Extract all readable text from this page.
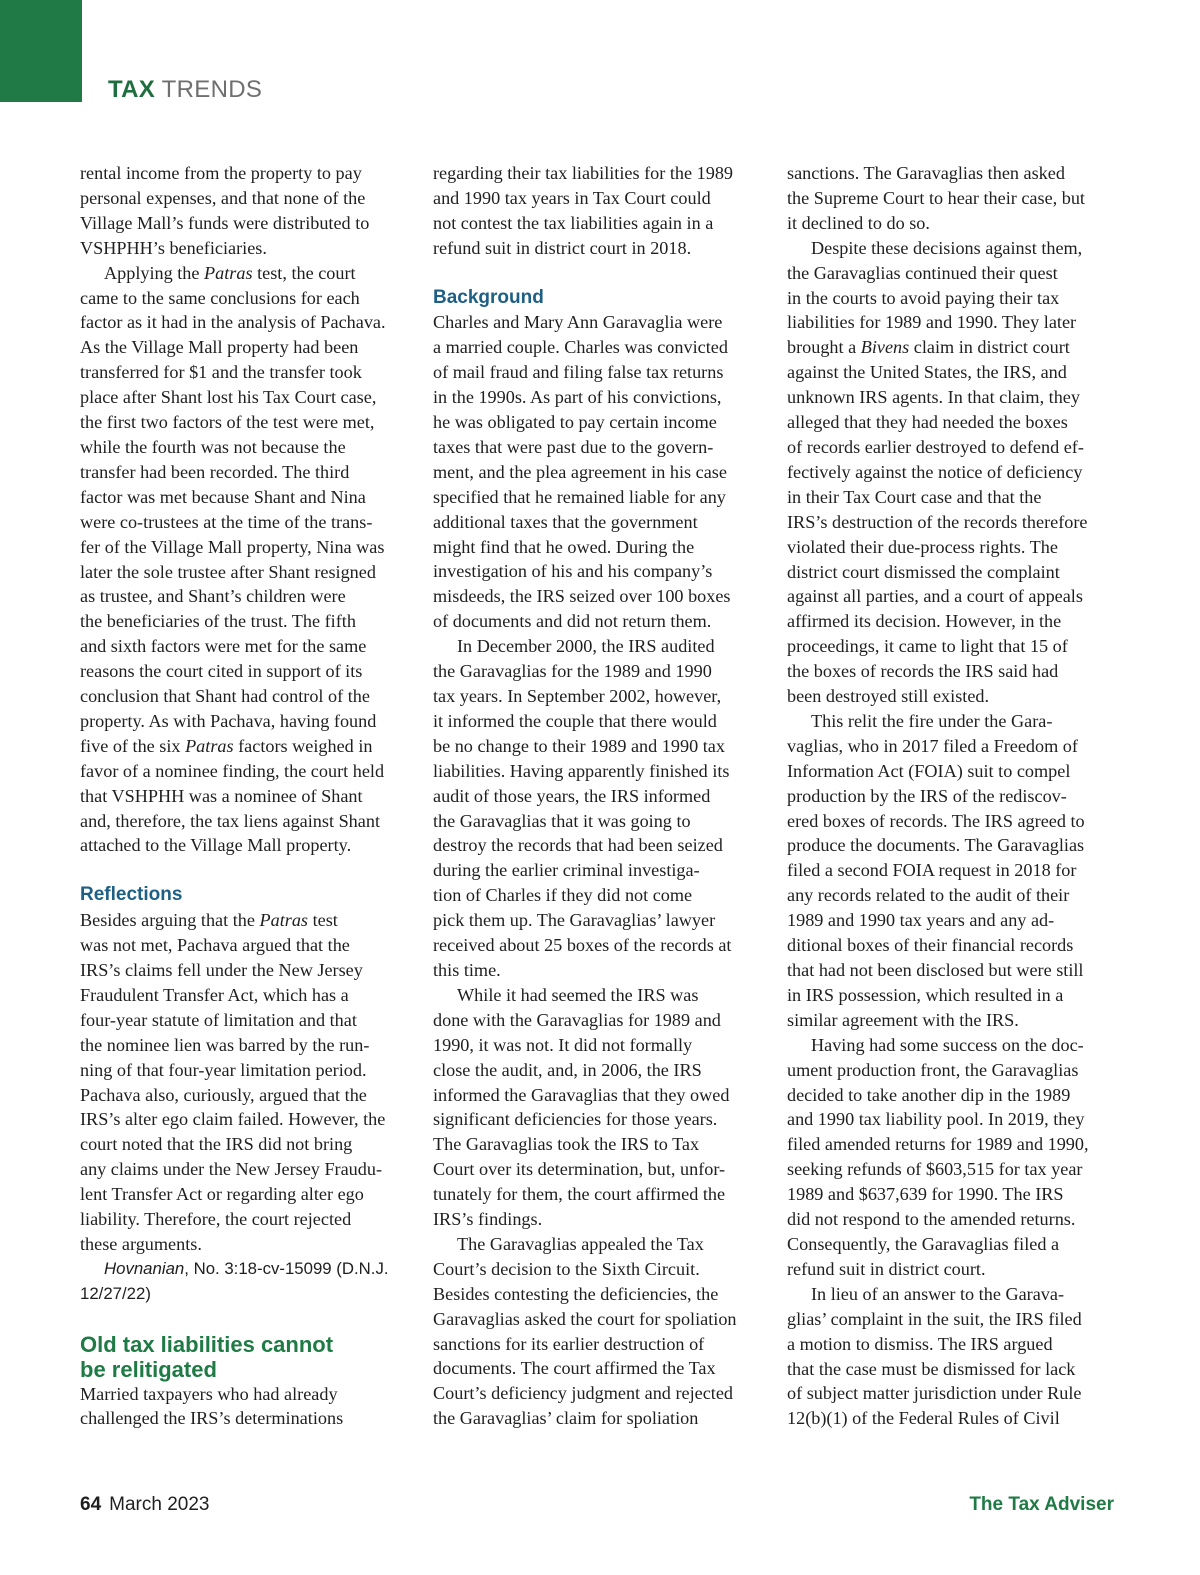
TAX TRENDS
rental income from the property to pay
personal expenses, and that none of the
Village Mall’s funds were distributed to
VSHPHH’s beneficiaries.
Applying the Patras test, the court
came to the same conclusions for each
factor as it had in the analysis of Pachava.
As the Village Mall property had been
transferred for $1 and the transfer took
place after Shant lost his Tax Court case,
the first two factors of the test were met,
while the fourth was not because the
transfer had been recorded. The third
factor was met because Shant and Nina
were co-trustees at the time of the trans-
fer of the Village Mall property, Nina was
later the sole trustee after Shant resigned
as trustee, and Shant’s children were
the beneficiaries of the trust. The fifth
and sixth factors were met for the same
reasons the court cited in support of its
conclusion that Shant had control of the
property. As with Pachava, having found
five of the six Patras factors weighed in
favor of a nominee finding, the court held
that VSHPHH was a nominee of Shant
and, therefore, the tax liens against Shant
attached to the Village Mall property.
Reflections
Besides arguing that the Patras test
was not met, Pachava argued that the
IRS’s claims fell under the New Jersey
Fraudulent Transfer Act, which has a
four-year statute of limitation and that
the nominee lien was barred by the run-
ning of that four-year limitation period.
Pachava also, curiously, argued that the
IRS’s alter ego claim failed. However, the
court noted that the IRS did not bring
any claims under the New Jersey Fraudu-
lent Transfer Act or regarding alter ego
liability. Therefore, the court rejected
these arguments.
Hovnanian, No. 3:18-cv-15099 (D.N.J.
12/27/22)
Old tax liabilities cannot
be relitigated
Married taxpayers who had already
challenged the IRS’s determinations
regarding their tax liabilities for the 1989
and 1990 tax years in Tax Court could
not contest the tax liabilities again in a
refund suit in district court in 2018.
Background
Charles and Mary Ann Garavaglia were
a married couple. Charles was convicted
of mail fraud and filing false tax returns
in the 1990s. As part of his convictions,
he was obligated to pay certain income
taxes that were past due to the govern-
ment, and the plea agreement in his case
specified that he remained liable for any
additional taxes that the government
might find that he owed. During the
investigation of his and his company’s
misdeeds, the IRS seized over 100 boxes
of documents and did not return them.
In December 2000, the IRS audited
the Garavaglias for the 1989 and 1990
tax years. In September 2002, however,
it informed the couple that there would
be no change to their 1989 and 1990 tax
liabilities. Having apparently finished its
audit of those years, the IRS informed
the Garavaglias that it was going to
destroy the records that had been seized
during the earlier criminal investiga-
tion of Charles if they did not come
pick them up. The Garavaglias’ lawyer
received about 25 boxes of the records at
this time.
While it had seemed the IRS was
done with the Garavaglias for 1989 and
1990, it was not. It did not formally
close the audit, and, in 2006, the IRS
informed the Garavaglias that they owed
significant deficiencies for those years.
The Garavaglias took the IRS to Tax
Court over its determination, but, unfor-
tunately for them, the court affirmed the
IRS’s findings.
The Garavaglias appealed the Tax
Court’s decision to the Sixth Circuit.
Besides contesting the deficiencies, the
Garavaglias asked the court for spoliation
sanctions for its earlier destruction of
documents. The court affirmed the Tax
Court’s deficiency judgment and rejected
the Garavaglias’ claim for spoliation
sanctions. The Garavaglias then asked
the Supreme Court to hear their case, but
it declined to do so.
Despite these decisions against them,
the Garavaglias continued their quest
in the courts to avoid paying their tax
liabilities for 1989 and 1990. They later
brought a Bivens claim in district court
against the United States, the IRS, and
unknown IRS agents. In that claim, they
alleged that they had needed the boxes
of records earlier destroyed to defend ef-
fectively against the notice of deficiency
in their Tax Court case and that the
IRS’s destruction of the records therefore
violated their due-process rights. The
district court dismissed the complaint
against all parties, and a court of appeals
affirmed its decision. However, in the
proceedings, it came to light that 15 of
the boxes of records the IRS said had
been destroyed still existed.
This relit the fire under the Gara-
vaglias, who in 2017 filed a Freedom of
Information Act (FOIA) suit to compel
production by the IRS of the rediscov-
ered boxes of records. The IRS agreed to
produce the documents. The Garavaglias
filed a second FOIA request in 2018 for
any records related to the audit of their
1989 and 1990 tax years and any ad-
ditional boxes of their financial records
that had not been disclosed but were still
in IRS possession, which resulted in a
similar agreement with the IRS.
Having had some success on the doc-
ument production front, the Garavaglias
decided to take another dip in the 1989
and 1990 tax liability pool. In 2019, they
filed amended returns for 1989 and 1990,
seeking refunds of $603,515 for tax year
1989 and $637,639 for 1990. The IRS
did not respond to the amended returns.
Consequently, the Garavaglias filed a
refund suit in district court.
In lieu of an answer to the Garava-
glias’ complaint in the suit, the IRS filed
a motion to dismiss. The IRS argued
that the case must be dismissed for lack
of subject matter jurisdiction under Rule
12(b)(1) of the Federal Rules of Civil
64 March 2023	The Tax Adviser
